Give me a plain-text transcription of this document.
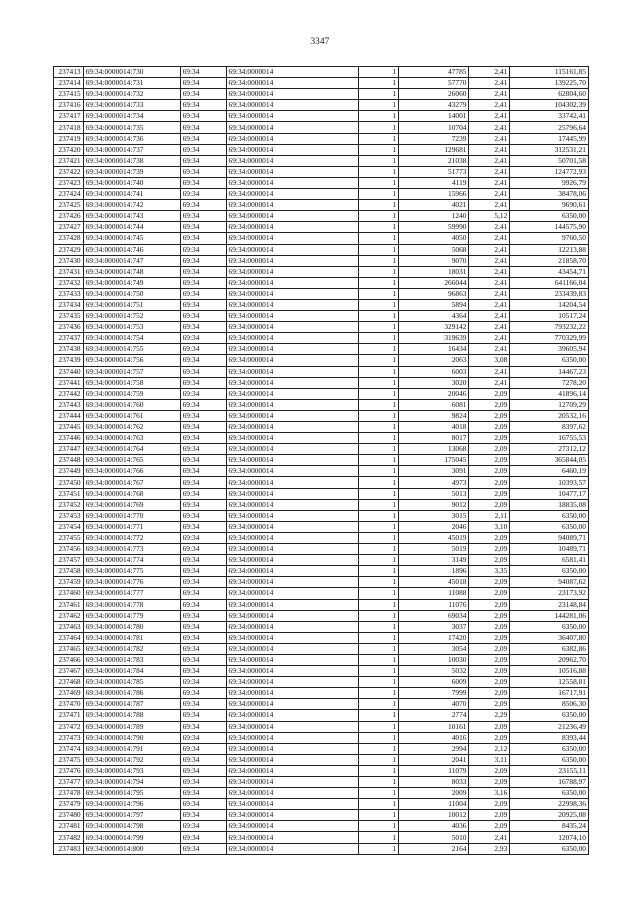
3347
237413	69:34:0000014:730	69:34	69:34:0000014	1	47785	2,41	115161,85
237414	69:34:0000014:731	69:34	69:34:0000014	1	57770	2,41	139225,70
237415	69:34:0000014:732	69:34	69:34:0000014	1	26060	2,41	62804,60
237416	69:34:0000014:733	69:34	69:34:0000014	1	43279	2,41	104302,39
237417	69:34:0000014:734	69:34	69:34:0000014	1	14001	2,41	33742,41
237418	69:34:0000014:735	69:34	69:34:0000014	1	10704	2,41	25796,64
237419	69:34:0000014:736	69:34	69:34:0000014	1	7239	2,41	17445,99
237420	69:34:0000014:737	69:34	69:34:0000014	1	129681	2,41	312531,21
237421	69:34:0000014:738	69:34	69:34:0000014	1	21038	2,41	50701,58
237422	69:34:0000014:739	69:34	69:34:0000014	1	51773	2,41	124772,93
237423	69:34:0000014:740	69:34	69:34:0000014	1	4119	2,41	9926,79
237424	69:34:0000014:741	69:34	69:34:0000014	1	15966	2,41	38478,06
237425	69:34:0000014:742	69:34	69:34:0000014	1	4021	2,41	9690,61
237426	69:34:0000014:743	69:34	69:34:0000014	1	1240	5,12	6350,00
237427	69:34:0000014:744	69:34	69:34:0000014	1	59990	2,41	144575,90
237428	69:34:0000014:745	69:34	69:34:0000014	1	4050	2,41	9760,50
237429	69:34:0000014:746	69:34	69:34:0000014	1	5068	2,41	12213,88
237430	69:34:0000014:747	69:34	69:34:0000014	1	9070	2,41	21858,70
237431	69:34:0000014:748	69:34	69:34:0000014	1	18031	2,41	43454,71
237432	69:34:0000014:749	69:34	69:34:0000014	1	266044	2,41	641166,04
237433	69:34:0000014:750	69:34	69:34:0000014	1	96863	2,41	233439,83
237434	69:34:0000014:751	69:34	69:34:0000014	1	5894	2,41	14204,54
237435	69:34:0000014:752	69:34	69:34:0000014	1	4364	2,41	10517,24
237436	69:34:0000014:753	69:34	69:34:0000014	1	329142	2,41	793232,22
237437	69:34:0000014:754	69:34	69:34:0000014	1	319639	2,41	770329,99
237438	69:34:0000014:755	69:34	69:34:0000014	1	16434	2,41	39605,94
237439	69:34:0000014:756	69:34	69:34:0000014	1	2063	3,08	6350,00
237440	69:34:0000014:757	69:34	69:34:0000014	1	6003	2,41	14467,23
237441	69:34:0000014:758	69:34	69:34:0000014	1	3020	2,41	7278,20
237442	69:34:0000014:759	69:34	69:34:0000014	1	20046	2,09	41896,14
237443	69:34:0000014:760	69:34	69:34:0000014	1	6081	2,09	12709,29
237444	69:34:0000014:761	69:34	69:34:0000014	1	9824	2,09	20532,16
237445	69:34:0000014:762	69:34	69:34:0000014	1	4018	2,09	8397,62
237446	69:34:0000014:763	69:34	69:34:0000014	1	8017	2,09	16755,53
237447	69:34:0000014:764	69:34	69:34:0000014	1	13068	2,09	27312,12
237448	69:34:0000014:765	69:34	69:34:0000014	1	175045	2,09	365844,05
237449	69:34:0000014:766	69:34	69:34:0000014	1	3091	2,09	6460,19
237450	69:34:0000014:767	69:34	69:34:0000014	1	4973	2,09	10393,57
237451	69:34:0000014:768	69:34	69:34:0000014	1	5013	2,09	10477,17
237452	69:34:0000014:769	69:34	69:34:0000014	1	9012	2,09	18835,08
237453	69:34:0000014:770	69:34	69:34:0000014	1	3015	2,11	6350,00
237454	69:34:0000014:771	69:34	69:34:0000014	1	2046	3,10	6350,00
237455	69:34:0000014:772	69:34	69:34:0000014	1	45019	2,09	94089,71
237456	69:34:0000014:773	69:34	69:34:0000014	1	5019	2,09	10489,71
237457	69:34:0000014:774	69:34	69:34:0000014	1	3149	2,09	6581,41
237458	69:34:0000014:775	69:34	69:34:0000014	1	1896	3,35	6350,00
237459	69:34:0000014:776	69:34	69:34:0000014	1	45018	2,09	94087,62
237460	69:34:0000014:777	69:34	69:34:0000014	1	11088	2,09	23173,92
237461	69:34:0000014:778	69:34	69:34:0000014	1	11076	2,09	23148,84
237462	69:34:0000014:779	69:34	69:34:0000014	1	69034	2,09	144281,06
237463	69:34:0000014:780	69:34	69:34:0000014	1	3037	2,09	6350,00
237464	69:34:0000014:781	69:34	69:34:0000014	1	17420	2,09	36407,80
237465	69:34:0000014:782	69:34	69:34:0000014	1	3054	2,09	6382,86
237466	69:34:0000014:783	69:34	69:34:0000014	1	10030	2,09	20962,70
237467	69:34:0000014:784	69:34	69:34:0000014	1	5032	2,09	10516,88
237468	69:34:0000014:785	69:34	69:34:0000014	1	6009	2,09	12558,81
237469	69:34:0000014:786	69:34	69:34:0000014	1	7999	2,09	16717,91
237470	69:34:0000014:787	69:34	69:34:0000014	1	4070	2,09	8506,30
237471	69:34:0000014:788	69:34	69:34:0000014	1	2774	2,29	6350,00
237472	69:34:0000014:789	69:34	69:34:0000014	1	10161	2,09	21236,49
237473	69:34:0000014:790	69:34	69:34:0000014	1	4016	2,09	8393,44
237474	69:34:0000014:791	69:34	69:34:0000014	1	2994	2,12	6350,00
237475	69:34:0000014:792	69:34	69:34:0000014	1	2041	3,11	6350,00
237476	69:34:0000014:793	69:34	69:34:0000014	1	11079	2,09	23155,11
237477	69:34:0000014:794	69:34	69:34:0000014	1	8033	2,09	16788,97
237478	69:34:0000014:795	69:34	69:34:0000014	1	2009	3,16	6350,00
237479	69:34:0000014:796	69:34	69:34:0000014	1	11004	2,09	22998,36
237480	69:34:0000014:797	69:34	69:34:0000014	1	10012	2,09	20925,08
237481	69:34:0000014:798	69:34	69:34:0000014	1	4036	2,09	8435,24
237482	69:34:0000014:799	69:34	69:34:0000014	1	5010	2,41	12074,10
237483	69:34:0000014:800	69:34	69:34:0000014	1	2164	2,93	6350,00
